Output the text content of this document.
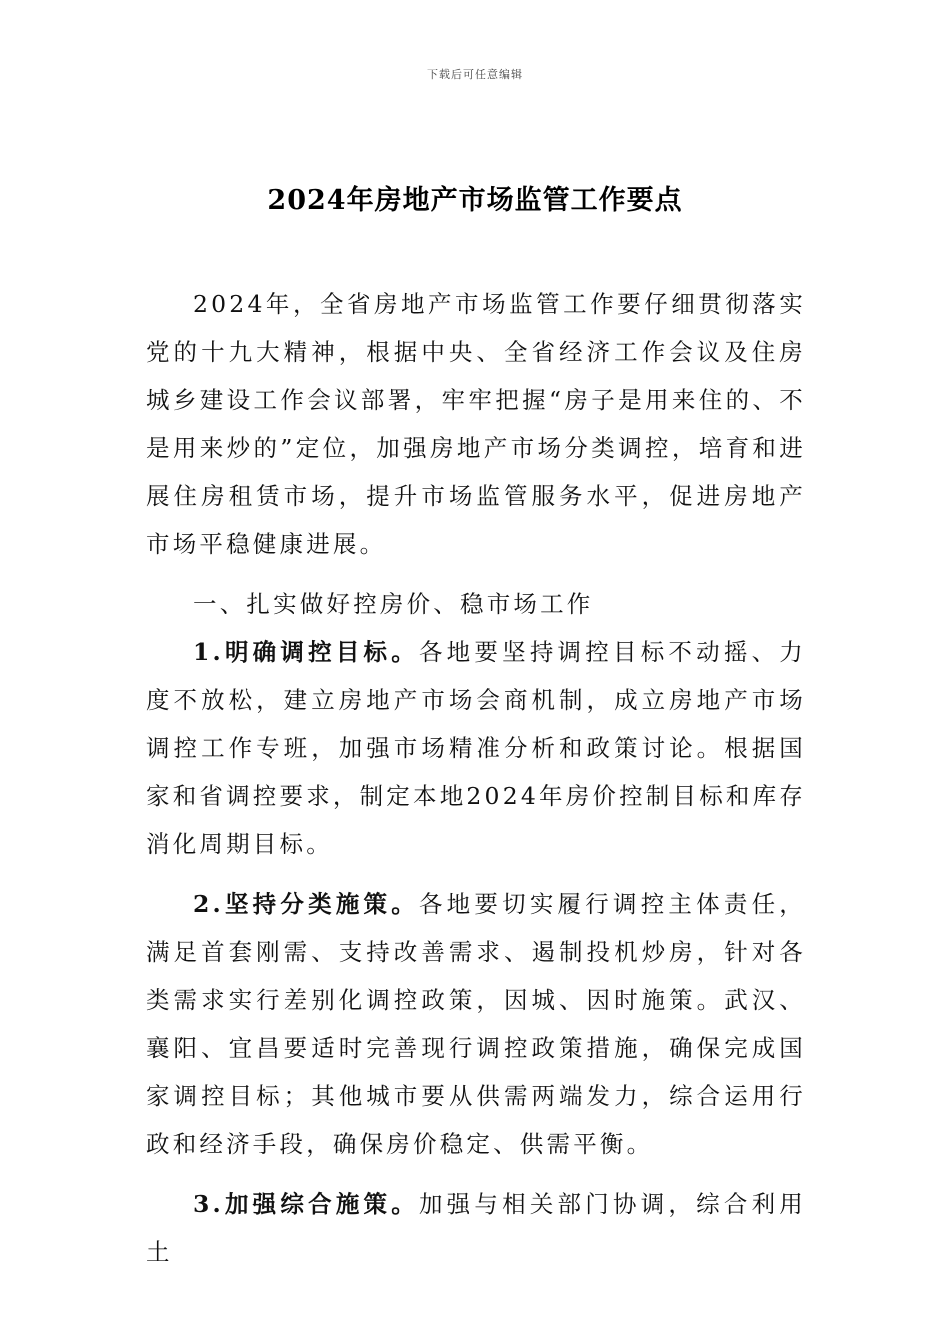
下载后可任意编辑
2024年房地产市场监管工作要点

2024年，全省房地产市场监管工作要仔细贯彻落实党的十九大精神，根据中央、全省经济工作会议及住房城乡建设工作会议部署，牢牢把握“房子是用来住的、不是用来炒的”定位，加强房地产市场分类调控，培育和进展住房租赁市场，提升市场监管服务水平，促进房地产市场平稳健康进展。

一、扎实做好控房价、稳市场工作

1.明确调控目标。各地要坚持调控目标不动摇、力度不放松，建立房地产市场会商机制，成立房地产市场调控工作专班，加强市场精准分析和政策讨论。根据国家和省调控要求，制定本地2024年房价控制目标和库存消化周期目标。

2.坚持分类施策。各地要切实履行调控主体责任，满足首套刚需、支持改善需求、遏制投机炒房，针对各类需求实行差别化调控政策，因城、因时施策。武汉、襄阳、宜昌要适时完善现行调控政策措施，确保完成国家调控目标；其他城市要从供需两端发力，综合运用行政和经济手段，确保房价稳定、供需平衡。

3.加强综合施策。加强与相关部门协调，综合利用土
